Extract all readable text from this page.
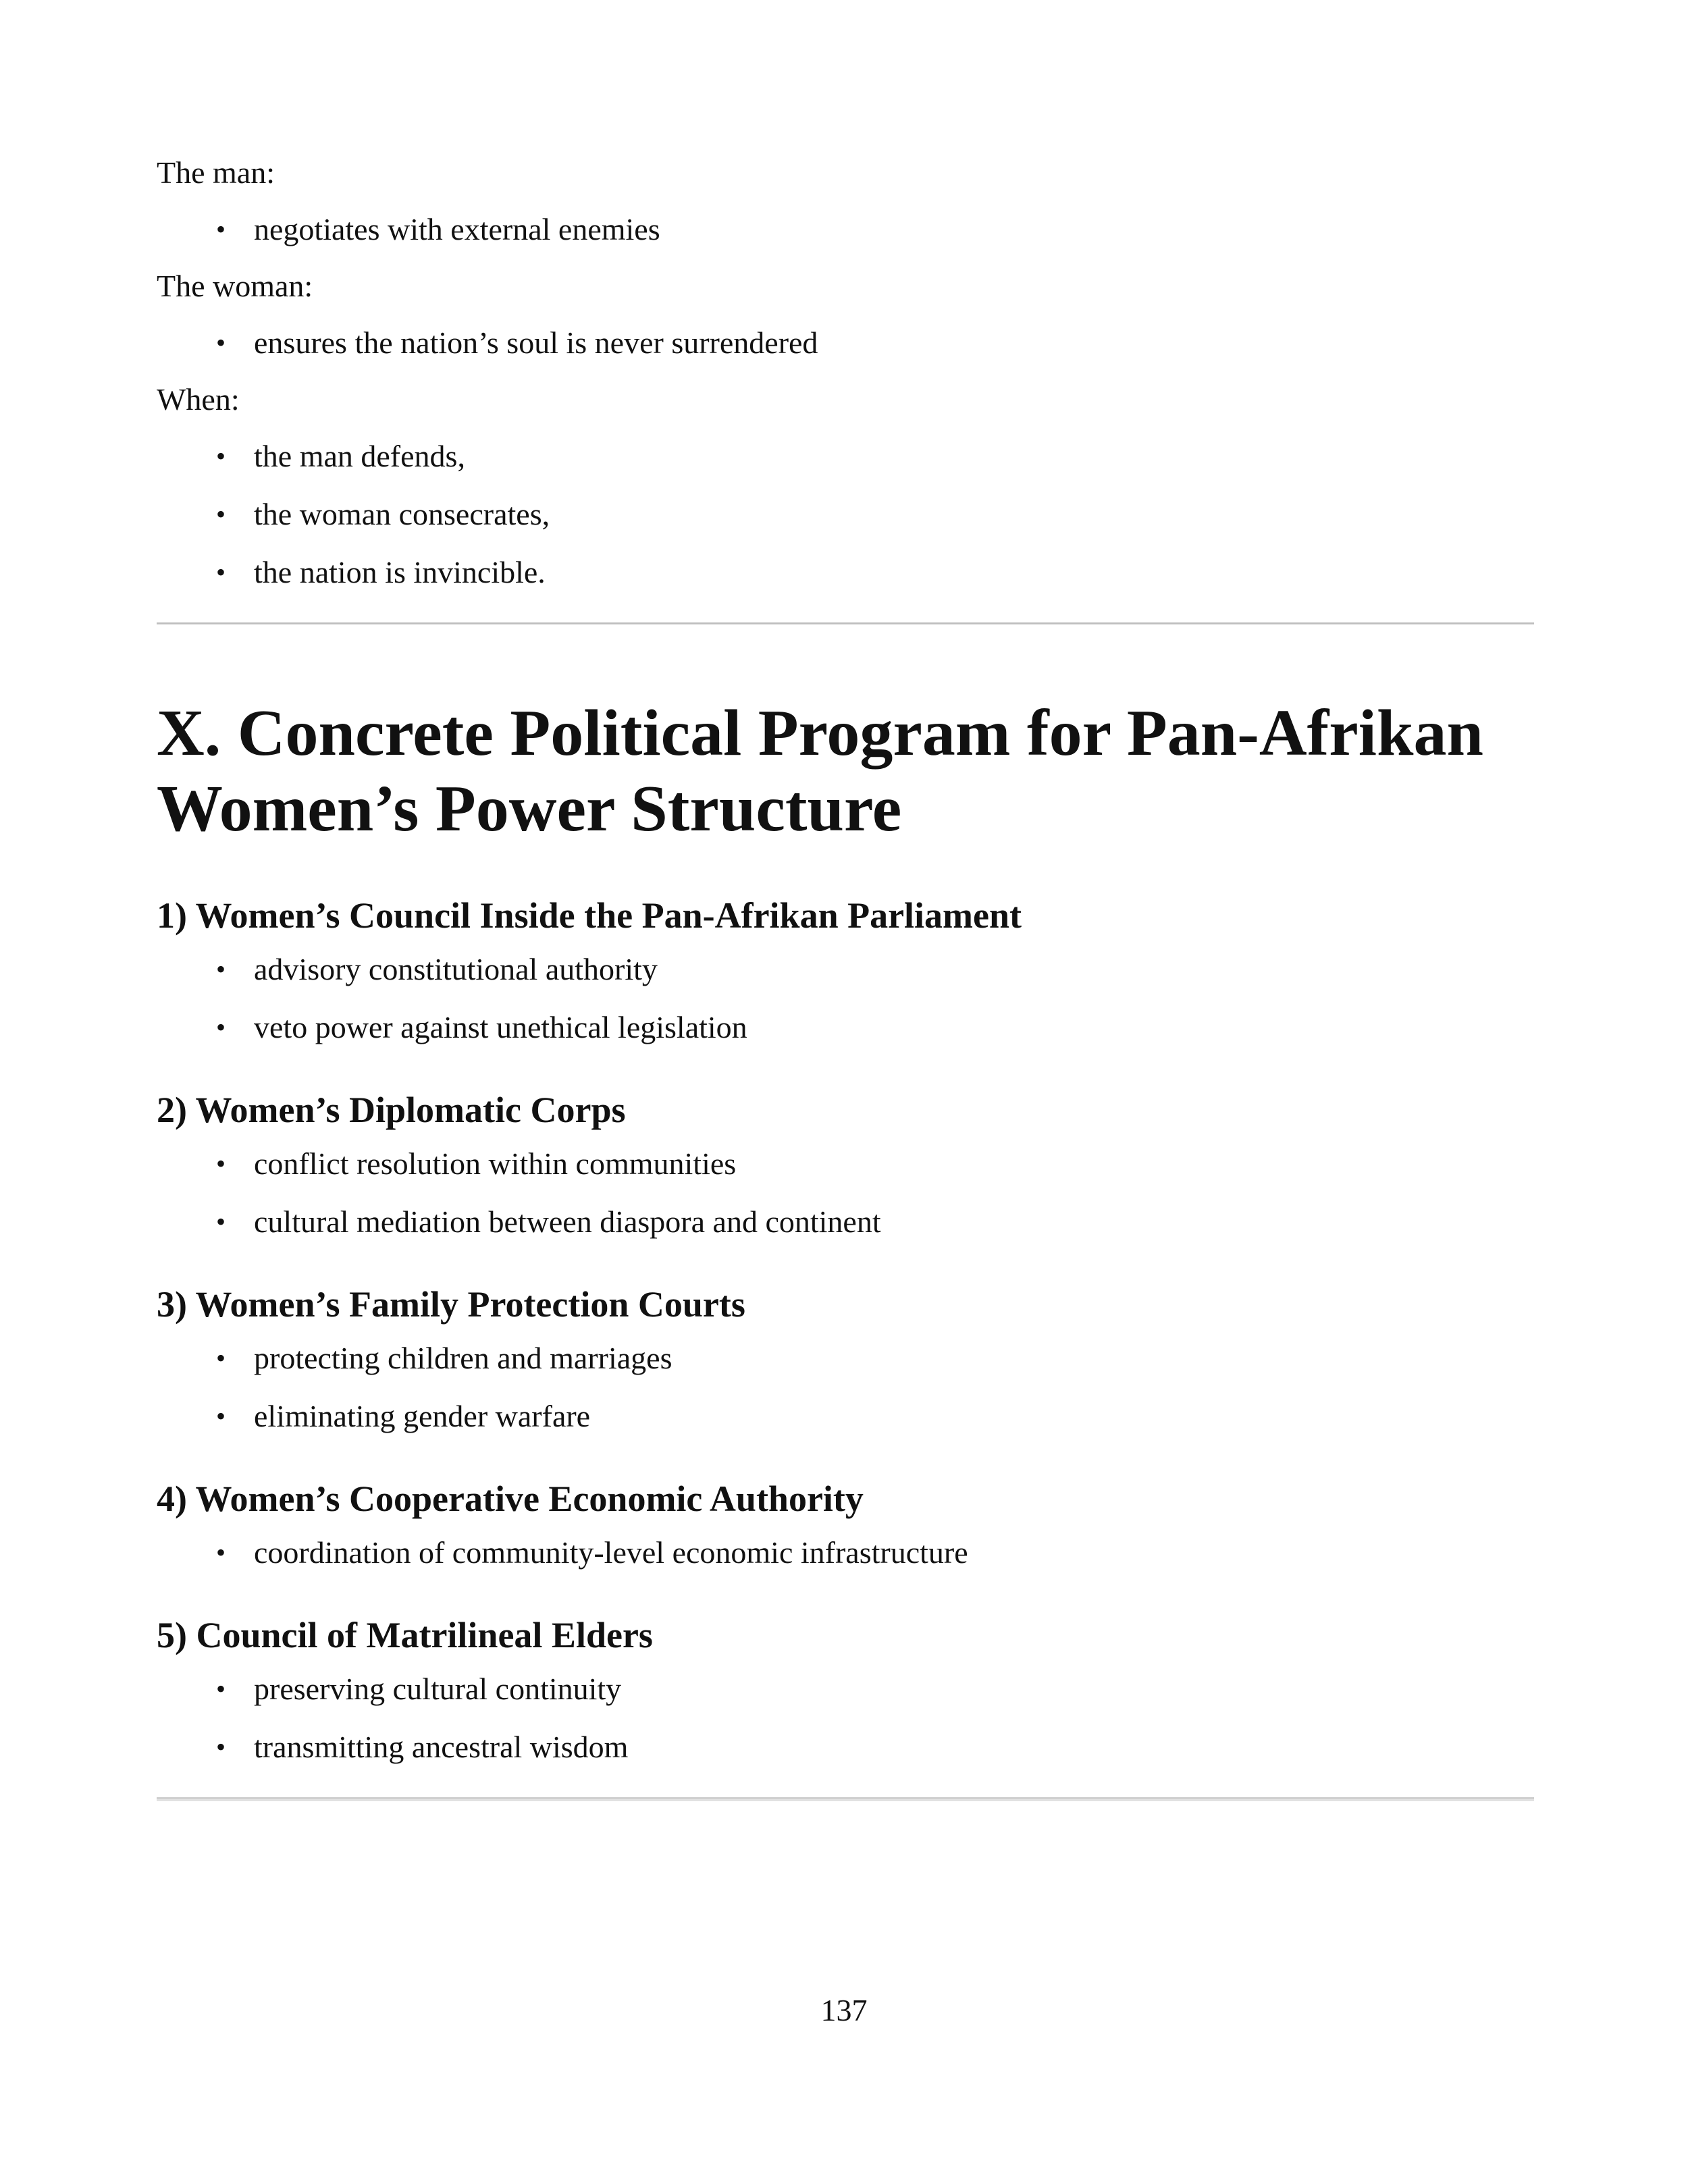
The man:

• negotiates with external enemies

The woman:

• ensures the nation’s soul is never surrendered

When:

• the man defends,
• the woman consecrates,
• the nation is invincible.
X. Concrete Political Program for Pan-Afrikan Women’s Power Structure
1) Women’s Council Inside the Pan-Afrikan Parliament
• advisory constitutional authority
• veto power against unethical legislation
2) Women’s Diplomatic Corps
• conflict resolution within communities
• cultural mediation between diaspora and continent
3) Women’s Family Protection Courts
• protecting children and marriages
• eliminating gender warfare
4) Women’s Cooperative Economic Authority
• coordination of community-level economic infrastructure
5) Council of Matrilineal Elders
• preserving cultural continuity
• transmitting ancestral wisdom
137
